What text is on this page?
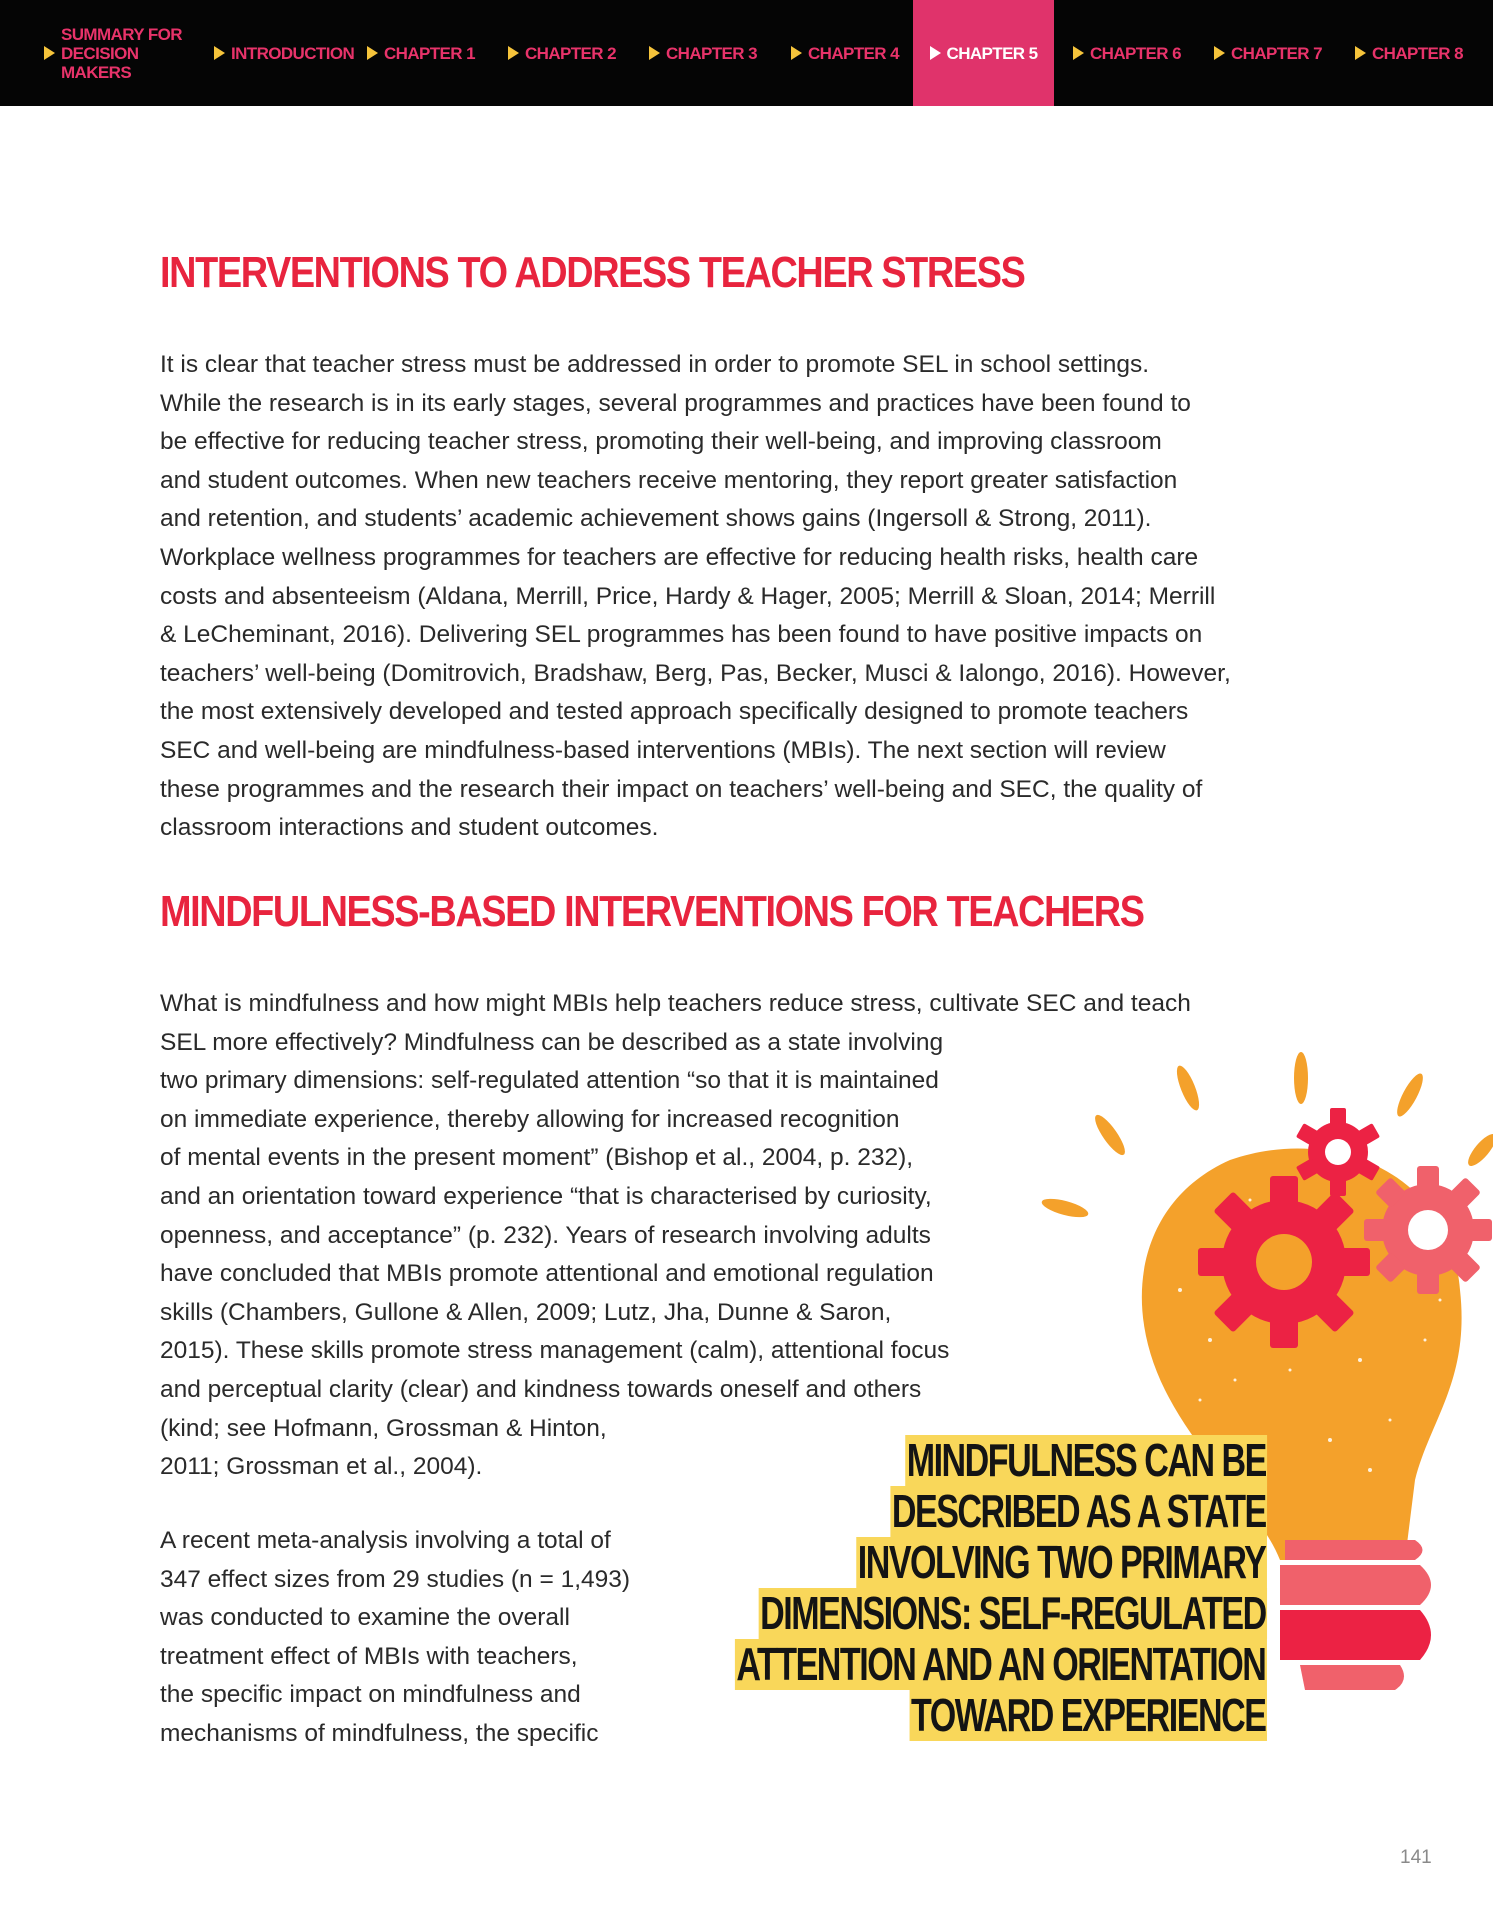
SUMMARY FOR DECISION MAKERS
INTRODUCTION CHAPTER 1	CHAPTER 2	CHAPTER 3	CHAPTER 4	CHAPTER 5	CHAPTER 6	CHAPTER 7	CHAPTER 8
INTERVENTIONS TO ADDRESS TEACHER STRESS
It is clear that teacher stress must be addressed in order to promote SEL in school settings.
While the research is in its early stages, several programmes and practices have been found to
be effective for reducing teacher stress, promoting their well-being, and improving classroom
and student outcomes. When new teachers receive mentoring, they report greater satisfaction
and retention, and students’ academic achievement shows gains (Ingersoll & Strong, 2011).
Workplace wellness programmes for teachers are effective for reducing health risks, health care
costs and absenteeism (Aldana, Merrill, Price, Hardy & Hager, 2005; Merrill & Sloan, 2014; Merrill
& LeCheminant, 2016). Delivering SEL programmes has been found to have positive impacts on
teachers’ well-being (Domitrovich, Bradshaw, Berg, Pas, Becker, Musci & Ialongo, 2016). However,
the most extensively developed and tested approach specifically designed to promote teachers
SEC and well-being are mindfulness-based interventions (MBIs). The next section will review
these programmes and the research their impact on teachers’ well-being and SEC, the quality of
classroom interactions and student outcomes.
MINDFULNESS-BASED INTERVENTIONS FOR TEACHERS
What is mindfulness and how might MBIs help teachers reduce stress, cultivate SEC and teach
SEL more effectively? Mindfulness can be described as a state involving
two primary dimensions: self-regulated attention “so that it is maintained
on immediate experience, thereby allowing for increased recognition
of mental events in the present moment” (Bishop et al., 2004, p. 232),
and an orientation toward experience “that is characterised by curiosity,
openness, and acceptance” (p. 232). Years of research involving adults
have concluded that MBIs promote attentional and emotional regulation
skills (Chambers, Gullone & Allen, 2009; Lutz, Jha, Dunne & Saron,
2015). These skills promote stress management (calm), attentional focus
and perceptual clarity (clear) and kindness towards oneself and others
(kind; see Hofmann, Grossman & Hinton,
2011; Grossman et al., 2004).
A recent meta-analysis involving a total of
347 effect sizes from 29 studies (n = 1,493)
was conducted to examine the overall
treatment effect of MBIs with teachers,
the specific impact on mindfulness and
mechanisms of mindfulness, the specific
MINDFULNESS CAN BE
DESCRIBED AS A STATE
INVOLVING TWO PRIMARY
DIMENSIONS: SELF-REGULATED
ATTENTION AND AN ORIENTATION
TOWARD EXPERIENCE
141
